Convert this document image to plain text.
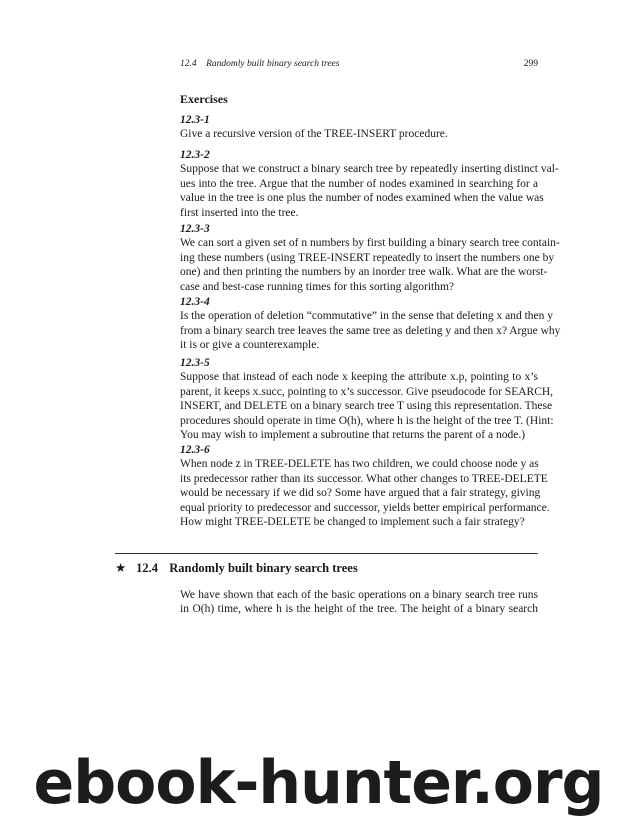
12.4 Randomly built binary search trees	299
Exercises
12.3-1
Give a recursive version of the TREE-INSERT procedure.
12.3-2
Suppose that we construct a binary search tree by repeatedly inserting distinct val-
ues into the tree. Argue that the number of nodes examined in searching for a
value in the tree is one plus the number of nodes examined when the value was
first inserted into the tree.
12.3-3
We can sort a given set of n numbers by first building a binary search tree contain-
ing these numbers (using TREE-INSERT repeatedly to insert the numbers one by
one) and then printing the numbers by an inorder tree walk. What are the worst-
case and best-case running times for this sorting algorithm?
12.3-4
Is the operation of deletion “commutative” in the sense that deleting x and then y
from a binary search tree leaves the same tree as deleting y and then x? Argue why
it is or give a counterexample.
12.3-5
Suppose that instead of each node x keeping the attribute x.p, pointing to x’s
parent, it keeps x.succ, pointing to x’s successor. Give pseudocode for SEARCH,
INSERT, and DELETE on a binary search tree T using this representation. These
procedures should operate in time O(h), where h is the height of the tree T. (Hint:
You may wish to implement a subroutine that returns the parent of a node.)
12.3-6
When node z in TREE-DELETE has two children, we could choose node y as
its predecessor rather than its successor. What other changes to TREE-DELETE
would be necessary if we did so? Some have argued that a fair strategy, giving
equal priority to predecessor and successor, yields better empirical performance.
How might TREE-DELETE be changed to implement such a fair strategy?
★ 12.4 Randomly built binary search trees
We have shown that each of the basic operations on a binary search tree runs
in O(h) time, where h is the height of the tree. The height of a binary search
ebook-hunter.org
